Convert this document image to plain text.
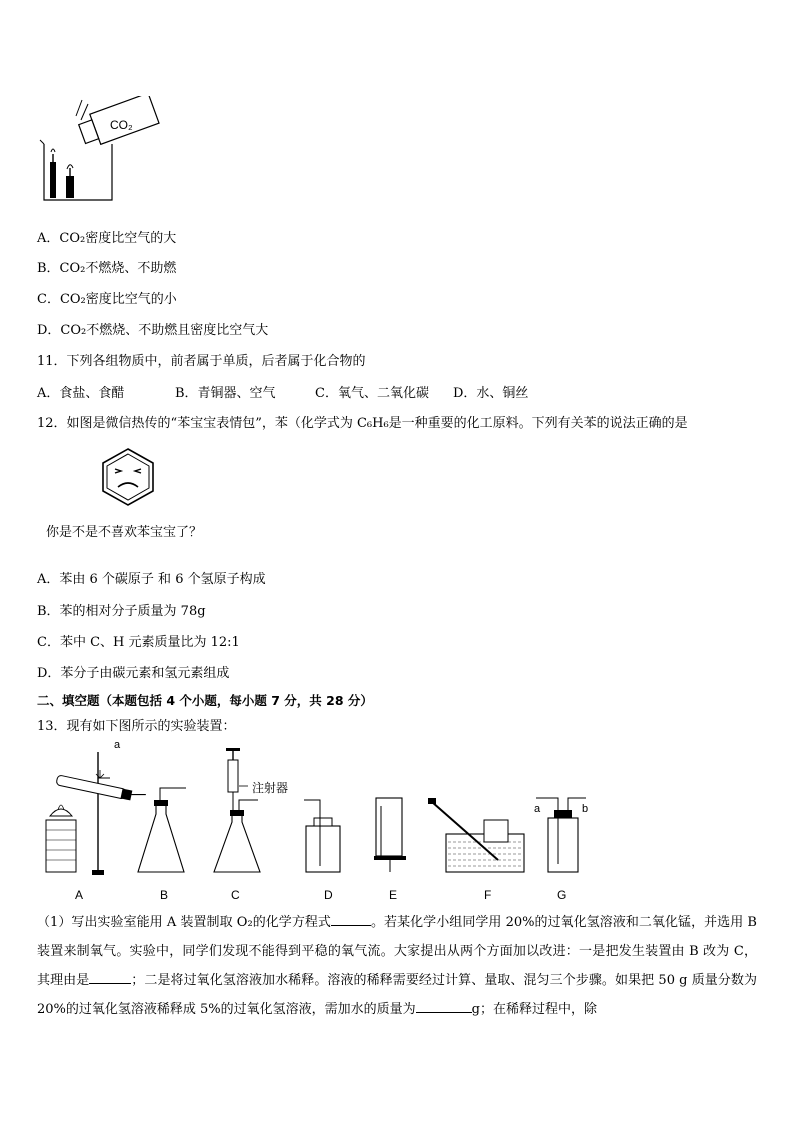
CO₂
A．CO₂密度比空气的大
B．CO₂不燃烧、不助燃
C．CO₂密度比空气的小
D．CO₂不燃烧、不助燃且密度比空气大
11．下列各组物质中，前者属于单质，后者属于化合物的
A．食盐、食醋	B．青铜器、空气	C．氧气、二氧化碳 D．水、铜丝
12．如图是微信热传的“苯宝宝表情包”，苯（化学式为 C₆H₆是一种重要的化工原料。下列有关苯的说法正确的是
你是不是不喜欢苯宝宝了？
A．苯由 6 个碳原子 和 6 个氢原子构成
B．苯的相对分子质量为 78g
C．苯中 C、H 元素质量比为 12:1
D．苯分子由碳元素和氢元素组成
二、填空题（本题包括 4 个小题，每小题 7 分，共 28 分）
13．现有如下图所示的实验装置：
a
注射器
a	b
A	B	C	D	E	F	G
（1）写出实验室能用 A 装置制取 O₂的化学方程式	。若某化学小组同学用 20%的过氧化氢溶液和二氧化锰，并选用 B 装置来制氧气。实验中，同学们发现不能得到平稳的氧气流。大家提出从两个方面加以改进：一是把发生装置由 B 改为 C，其理由是	；二是将过氧化氢溶液加水稀释。溶液的稀释需要经过计算、量取、混匀三个步骤。如果把 50 g 质量分数为 20%的过氧化氢溶液稀释成 5%的过氧化氢溶液，需加水的质量为	g；在稀释过程中，除
